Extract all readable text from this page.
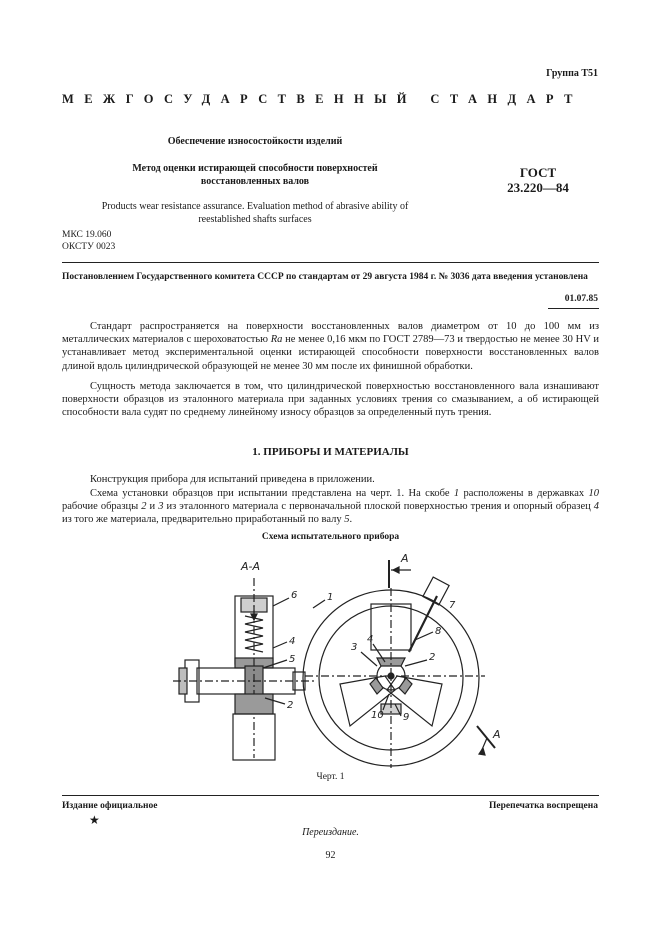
Группа Т51
МЕЖГОСУДАРСТВЕННЫЙ СТАНДАРТ
Обеспечение износостойкости изделий
Метод оценки истирающей способности поверхностей
восстановленных валов
ГОСТ
23.220—84
Products wear resistance assurance. Evaluation method of abrasive ability of
reestablished shafts surfaces
МКС 19.060
ОКСТУ 0023
Постановлением Государственного комитета СССР по стандартам от 29 августа 1984 г. № 3036 дата введения установлена
01.07.85
Стандарт распространяется на поверхности восстановленных валов диаметром от 10 до 100 мм из металлических материалов с шероховатостью Ra не менее 0,16 мкм по ГОСТ 2789—73 и твердостью не менее 30 HV и устанавливает метод экспериментальной оценки истирающей способности поверхности восстановленных валов длиной вдоль цилиндрической образующей не менее 30 мм после их финишной обработки.
Сущность метода заключается в том, что цилиндрической поверхностью восстановленного вала изнашивают поверхности образцов из эталонного материала при заданных условиях трения со смазыванием, а об истирающей способности вала судят по среднему линейному износу образцов за определенный путь трения.
1. ПРИБОРЫ И МАТЕРИАЛЫ
Конструкция прибора для испытаний приведена в приложении.
Схема установки образцов при испытании представлена на черт. 1. На скобе 1 расположены в державках 10 рабочие образцы 2 и 3 из эталонного материала с первоначальной плоской поверхностью трения и опорный образец 4 из того же материала, предварительно приработанный по валу 5.
Схема испытательного прибора
А-А
А
А
6
4
5
2
1
7
8
3
4
2
10 9
Черт. 1
Издание официальное	Перепечатка воспрещена
★
Переиздание.
92
